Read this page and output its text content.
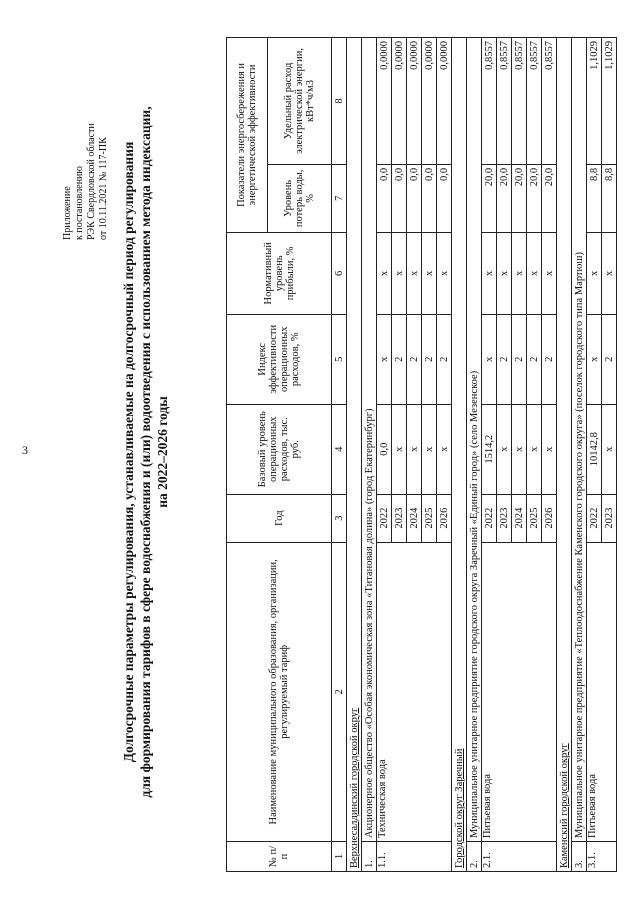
3
Приложение к постановлению РЭК Свердловской области от 10.11.2021 № 117-ПК Долгосрочные параметры регулирования, устанавливаемые на долгосрочный период регулирования для формирования тарифов в сфере водоснабжения и (или) водоотведения с использованием метода индексации, на 2022–2026 годы
№ п/п	Наименование муниципального образования, организации, регулируемый тариф	Год	Базовый уровень операционных расходов, тыс. руб.	Индекс эффективности операционных расходов, %	Нормативный уровень прибыли, %	Показатели энергосбережения и энергетической эффективности	
						Уровень потерь воды, %	Удельный расход электрической энергии, кВт*ч/м3
1	2	3	4	5	6	7	8
Верхнесалдинский городской округ							
1.	Акционерное общество «Особая экономическая зона «Титановая долина» (город Екатеринбург)						
1.1.	Техническая вода	2022	0,0	х	х	0,0	0,0000
		2023	х	2	х	0,0	0,0000
		2024	х	2	х	0,0	0,0000
		2025	х	2	х	0,0	0,0000
		2026	х	2	х	0,0	0,0000
Городской округ Заречный							
2.	Муниципальное унитарное предприятие городского округа Заречный «Единый город» (село Мезенское)						
2.1.	Питьевая вода	2022	1514,2	х	х	20,0	0,8557
		2023	х	2	х	20,0	0,8557
		2024	х	2	х	20,0	0,8557
		2025	х	2	х	20,0	0,8557
		2026	х	2	х	20,0	0,8557
Каменский городской округ							
3.	Муниципальное унитарное предприятие «Теплоодоснабжение Каменского городского округа» (поселок городского типа Мартюш)						
3.1.	Питьевая вода	2022	10142,8	х	х	8,8	1,1029
		2023	х	2	х	8,8	1,1029
